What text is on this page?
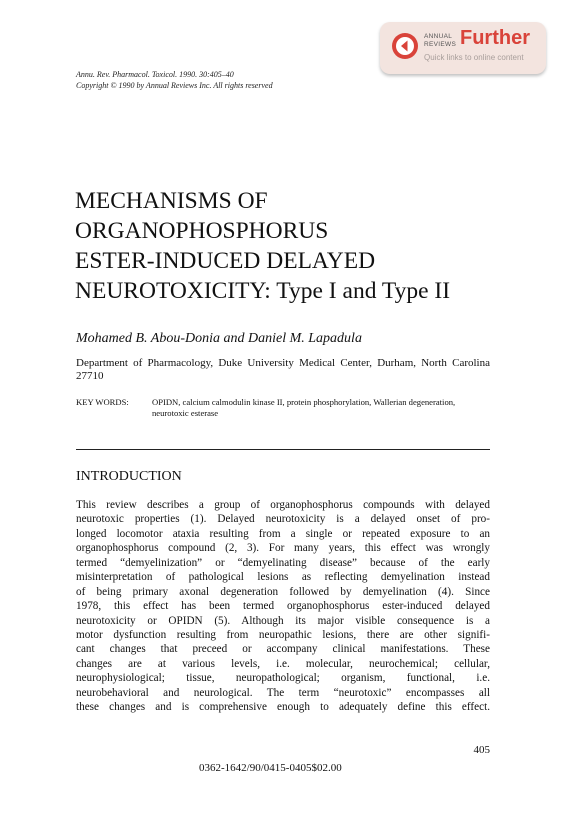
Annu. Rev. Pharmacol. Toxicol. 1990. 30:405–40
Copyright © 1990 by Annual Reviews Inc. All rights reserved
ANNUAL
REVIEWS Further
Quick links to online content
MECHANISMS OF
ORGANOPHOSPHORUS
ESTER-INDUCED DELAYED
NEUROTOXICITY: Type I and Type II
Mohamed B. Abou-Donia and Daniel M. Lapadula
Department of Pharmacology, Duke University Medical Center, Durham, North Carolina 27710
KEY WORDS:	OPIDN, calcium calmodulin kinase II, protein phosphorylation, Wallerian degeneration, neurotoxic esterase
INTRODUCTION
This review describes a group of organophosphorus compounds with delayed
neurotoxic properties (1). Delayed neurotoxicity is a delayed onset of pro-
longed locomotor ataxia resulting from a single or repeated exposure to an
organophosphorus compound (2, 3). For many years, this effect was wrongly
termed “demyelinization” or “demyelinating disease” because of the early
misinterpretation of pathological lesions as reflecting demyelination instead
of being primary axonal degeneration followed by demyelination (4). Since
1978, this effect has been termed organophosphorus ester-induced delayed
neurotoxicity or OPIDN (5). Although its major visible consequence is a
motor dysfunction resulting from neuropathic lesions, there are other signifi-
cant changes that preceed or accompany clinical manifestations. These
changes are at various levels, i.e. molecular, neurochemical; cellular,
neurophysiological; tissue, neuropathological; organism, functional, i.e.
neurobehavioral and neurological. The term “neurotoxic” encompasses all
these changes and is comprehensive enough to adequately define this effect.
405
0362-1642/90/0415-0405$02.00
